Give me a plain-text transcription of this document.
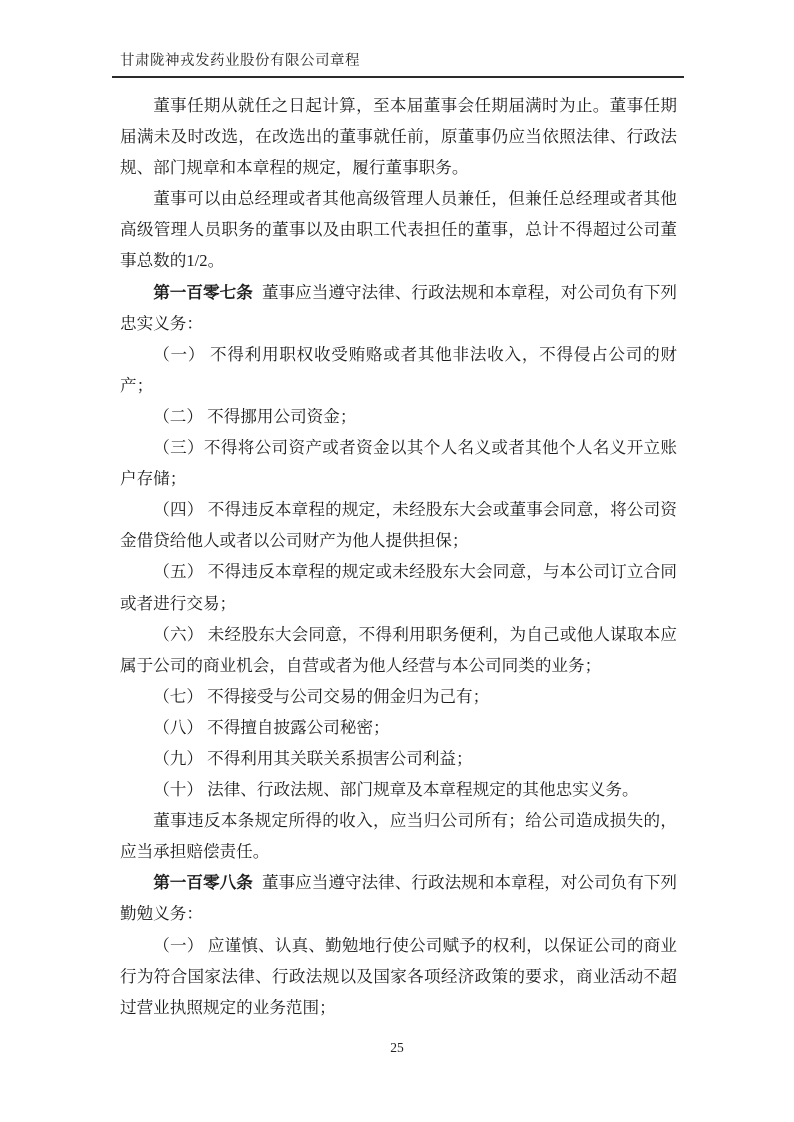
甘肃陇神戎发药业股份有限公司章程

董事任期从就任之日起计算，至本届董事会任期届满时为止。董事任期届满未及时改选，在改选出的董事就任前，原董事仍应当依照法律、行政法规、部门规章和本章程的规定，履行董事职务。

董事可以由总经理或者其他高级管理人员兼任，但兼任总经理或者其他高级管理人员职务的董事以及由职工代表担任的董事，总计不得超过公司董事总数的1/2。

第一百零七条 董事应当遵守法律、行政法规和本章程，对公司负有下列忠实义务：

（一） 不得利用职权收受贿赂或者其他非法收入，不得侵占公司的财产；

（二） 不得挪用公司资金；

（三）不得将公司资产或者资金以其个人名义或者其他个人名义开立账户存储；

（四） 不得违反本章程的规定，未经股东大会或董事会同意，将公司资金借贷给他人或者以公司财产为他人提供担保；

（五） 不得违反本章程的规定或未经股东大会同意，与本公司订立合同或者进行交易；

（六） 未经股东大会同意，不得利用职务便利，为自己或他人谋取本应属于公司的商业机会，自营或者为他人经营与本公司同类的业务；

（七） 不得接受与公司交易的佣金归为己有；

（八） 不得擅自披露公司秘密；

（九） 不得利用其关联关系损害公司利益；

（十） 法律、行政法规、部门规章及本章程规定的其他忠实义务。

董事违反本条规定所得的收入，应当归公司所有；给公司造成损失的，应当承担赔偿责任。

第一百零八条 董事应当遵守法律、行政法规和本章程，对公司负有下列勤勉义务：

（一） 应谨慎、认真、勤勉地行使公司赋予的权利，以保证公司的商业行为符合国家法律、行政法规以及国家各项经济政策的要求，商业活动不超过营业执照规定的业务范围；

25
